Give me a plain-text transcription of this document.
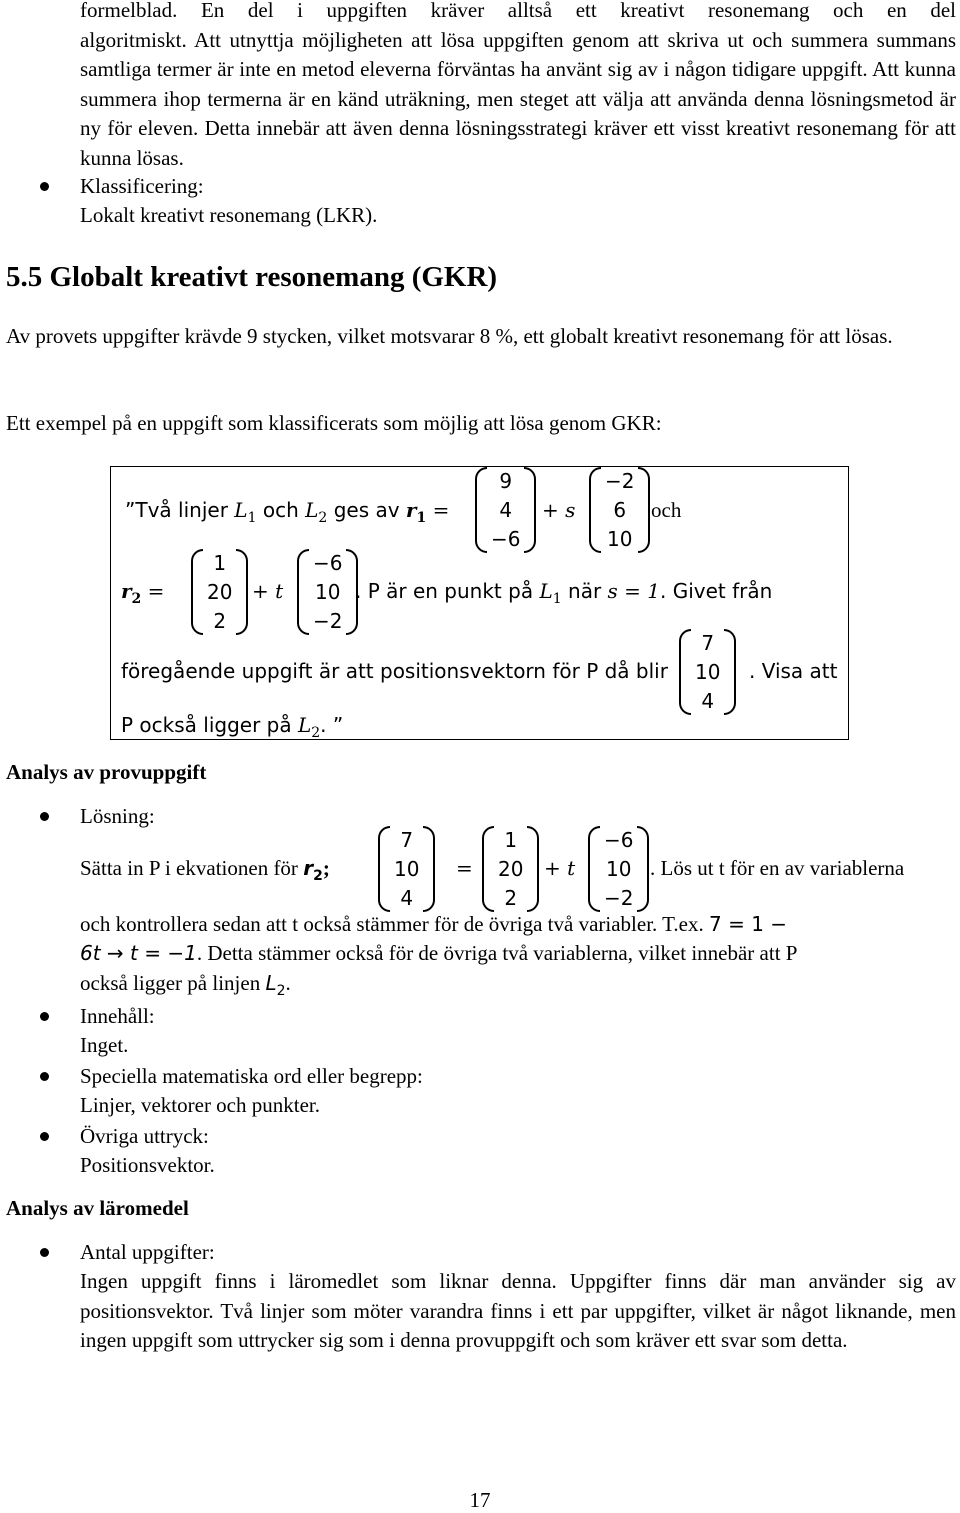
formelblad. En del i uppgiften kräver alltså ett kreativt resonemang och en del

algoritmiskt. Att utnyttja möjligheten att lösa uppgiften genom att skriva ut och summera summans samtliga termer är inte en metod eleverna förväntas ha använt sig av i någon tidigare uppgift. Att kunna summera ihop termerna är en känd uträkning, men steget att välja att använda denna lösningsmetod är ny för eleven. Detta innebär att även denna lösningsstrategi kräver ett visst kreativt resonemang för att kunna lösas.

Klassificering:

Lokalt kreativt resonemang (LKR).

5.5 Globalt kreativt resonemang (GKR)

Av provets uppgifter krävde 9 stycken, vilket motsvarar 8 %, ett globalt kreativt resonemang för att lösas.

Ett exempel på en uppgift som klassificerats som möjlig att lösa genom GKR:

”Två linjer $L_1$ och $L_2$ ges av $r_1$ =
9
4
−6
+ s
−2
6
10
och
$r_2$ =
1
20
2
+ t
−6
10
−2
. P är en punkt på $L_1$ när s = 1. Givet från
föregående uppgift är att positionsvektorn för P då blir
7
10
4
. Visa att
P också ligger på $L_2$. ”
Analys av provuppgift

Lösning:

Sätta in P i ekvationen för $r_2$;
7
10
4
=
1
20
2
+ t
−6
10
−2
. Lös ut t för en av variablerna
och kontrollera sedan att t också stämmer för de övriga två variabler. T.ex. 7 = 1 −
6t → t = −1. Detta stämmer också för de övriga två variablerna, vilket innebär att P
också ligger på linjen $L_2$.

Innehåll:

Inget.

Speciella matematiska ord eller begrepp:

Linjer, vektorer och punkter.

Övriga uttryck:

Positionsvektor.

Analys av läromedel

Antal uppgifter:

Ingen uppgift finns i läromedlet som liknar denna. Uppgifter finns där man använder sig av positionsvektor. Två linjer som möter varandra finns i ett par uppgifter, vilket är något liknande, men ingen uppgift som uttrycker sig som i denna provuppgift och som kräver ett svar som detta.

17
